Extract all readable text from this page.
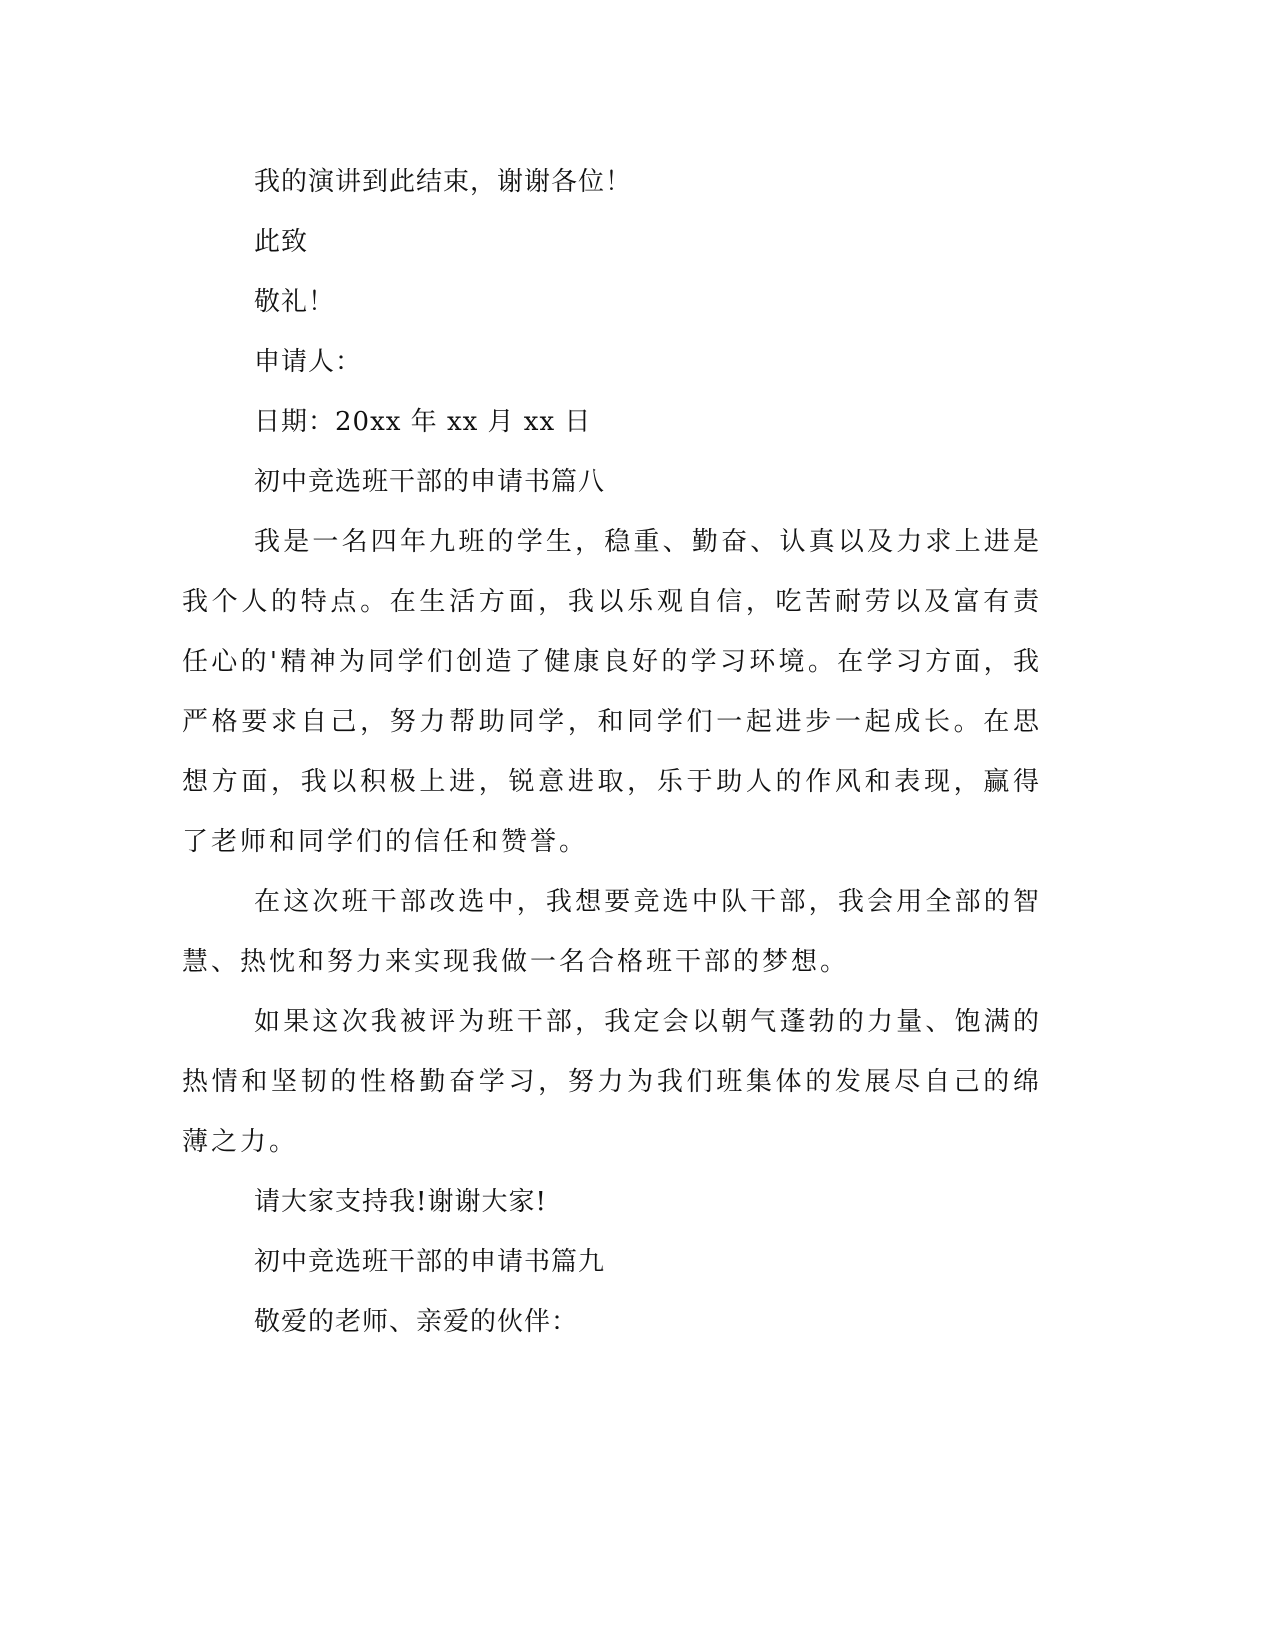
我的演讲到此结束，谢谢各位！

此致

敬礼！

申请人：

日期：20xx 年 xx 月 xx 日

初中竞选班干部的申请书篇八

我是一名四年九班的学生，稳重、勤奋、认真以及力求上进是我个人的特点。在生活方面，我以乐观自信，吃苦耐劳以及富有责任心的'精神为同学们创造了健康良好的学习环境。在学习方面，我严格要求自己，努力帮助同学，和同学们一起进步一起成长。在思想方面，我以积极上进，锐意进取，乐于助人的作风和表现，赢得了老师和同学们的信任和赞誉。

在这次班干部改选中，我想要竞选中队干部，我会用全部的智慧、热忱和努力来实现我做一名合格班干部的梦想。

如果这次我被评为班干部，我定会以朝气蓬勃的力量、饱满的热情和坚韧的性格勤奋学习，努力为我们班集体的发展尽自己的绵薄之力。

请大家支持我!谢谢大家!

初中竞选班干部的申请书篇九

敬爱的老师、亲爱的伙伴：
